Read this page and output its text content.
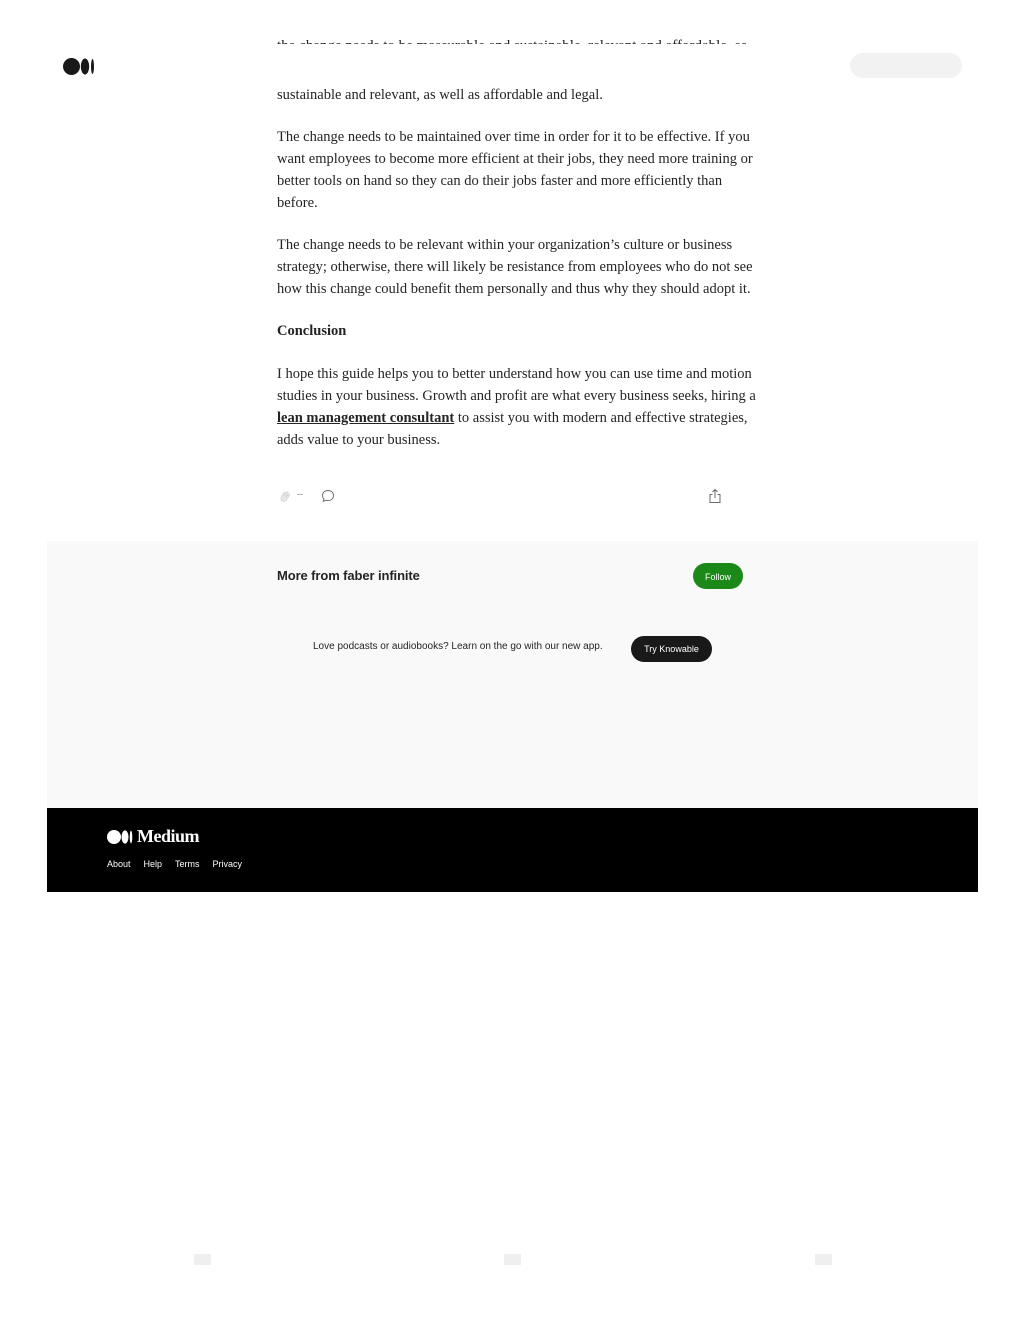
sustainable and relevant, as well as affordable and legal.

The change needs to be maintained over time in order for it to be effective. If you want employees to become more efficient at their jobs, they need more training or better tools on hand so they can do their jobs faster and more efficiently than before.

The change needs to be relevant within your organization’s culture or business strategy; otherwise, there will likely be resistance from employees who do not see how this change could benefit them personally and thus why they should adopt it.

Conclusion

I hope this guide helps you to better understand how you can use time and motion studies in your business. Growth and profit are what every business seeks, hiring a lean management consultant to assist you with modern and effective strategies, adds value to your business.

--
More from faber infinite	Follow
Love podcasts or audiobooks? Learn on the go with our new app.	Try Knowable
Medium
About Help Terms Privacy
